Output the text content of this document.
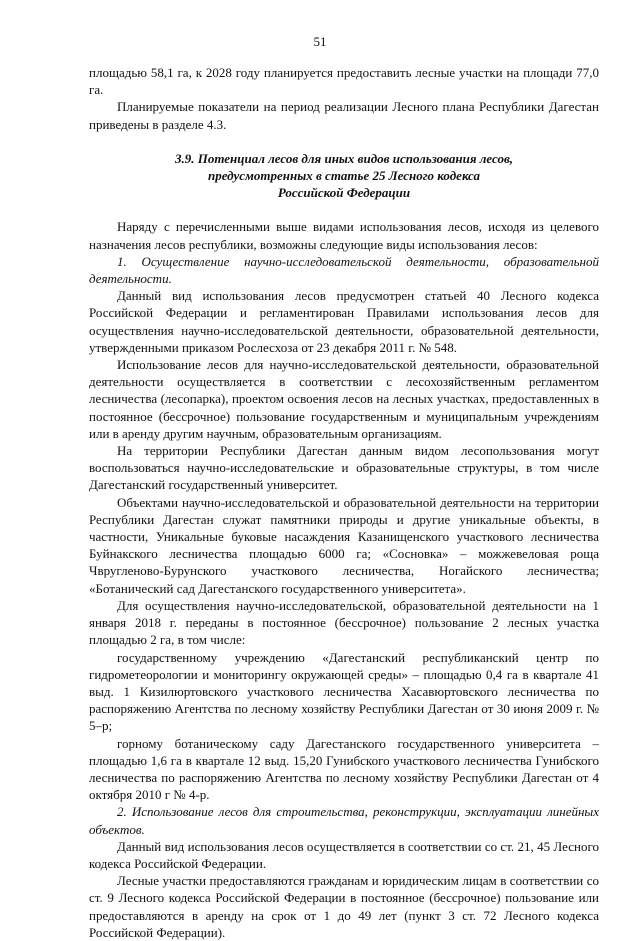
51

площадью 58,1 га, к 2028 году планируется предоставить лесные участки на площади 77,0 га.

Планируемые показатели на период реализации Лесного плана Республики Дагестан приведены в разделе 4.3.

3.9. Потенциал лесов для иных видов использования лесов,
предусмотренных в статье 25 Лесного кодекса
Российской Федерации

Наряду с перечисленными выше видами использования лесов, исходя из целевого назначения лесов республики, возможны следующие виды использования лесов:

1. Осуществление научно-исследовательской деятельности, образовательной деятельности.

Данный вид использования лесов предусмотрен статьей 40 Лесного кодекса Российской Федерации и регламентирован Правилами использования лесов для осуществления научно-исследовательской деятельности, образовательной деятельности, утвержденными приказом Рослесхоза от 23 декабря 2011 г. № 548.

Использование лесов для научно-исследовательской деятельности, образовательной деятельности осуществляется в соответствии с лесохозяйственным регламентом лесничества (лесопарка), проектом освоения лесов на лесных участках, предоставленных в постоянное (бессрочное) пользование государственным и муниципальным учреждениям или в аренду другим научным, образовательным организациям.

На территории Республики Дагестан данным видом лесопользования могут воспользоваться научно-исследовательские и образовательные структуры, в том числе Дагестанский государственный университет.

Объектами научно-исследовательской и образовательной деятельности на территории Республики Дагестан служат памятники природы и другие уникальные объекты, в частности, Уникальные буковые насаждения Казанищенского участкового лесничества Буйнакского лесничества площадью 6000 га; «Сосновка» – можжевеловая роща Чвругленово-Бурунского участкового лесничества, Ногайского лесничества; «Ботанический сад Дагестанского государственного университета».

Для осуществления научно-исследовательской, образовательной деятельности на 1 января 2018 г. переданы в постоянное (бессрочное) пользование 2 лесных участка площадью 2 га, в том числе:

государственному учреждению «Дагестанский республиканский центр по гидрометеорологии и мониторингу окружающей среды» – площадью 0,4 га в квартале 41 выд. 1 Кизилюртовского участкового лесничества Хасавюртовского лесничества по распоряжению Агентства по лесному хозяйству Республики Дагестан от 30 июня 2009 г. № 5–р;

горному ботаническому саду Дагестанского государственного университета – площадью 1,6 га в квартале 12 выд. 15,20 Гунибского участкового лесничества Гунибского лесничества по распоряжению Агентства по лесному хозяйству Республики Дагестан от 4 октября 2010 г № 4-р.

2. Использование лесов для строительства, реконструкции, эксплуатации линейных объектов.

Данный вид использования лесов осуществляется в соответствии со ст. 21, 45 Лесного кодекса Российской Федерации.

Лесные участки предоставляются гражданам и юридическим лицам в соответствии со ст. 9 Лесного кодекса Российской Федерации в постоянное (бессрочное) пользование или предоставляются в аренду на срок от 1 до 49 лет (пункт 3 ст. 72 Лесного кодекса Российской Федерации).
